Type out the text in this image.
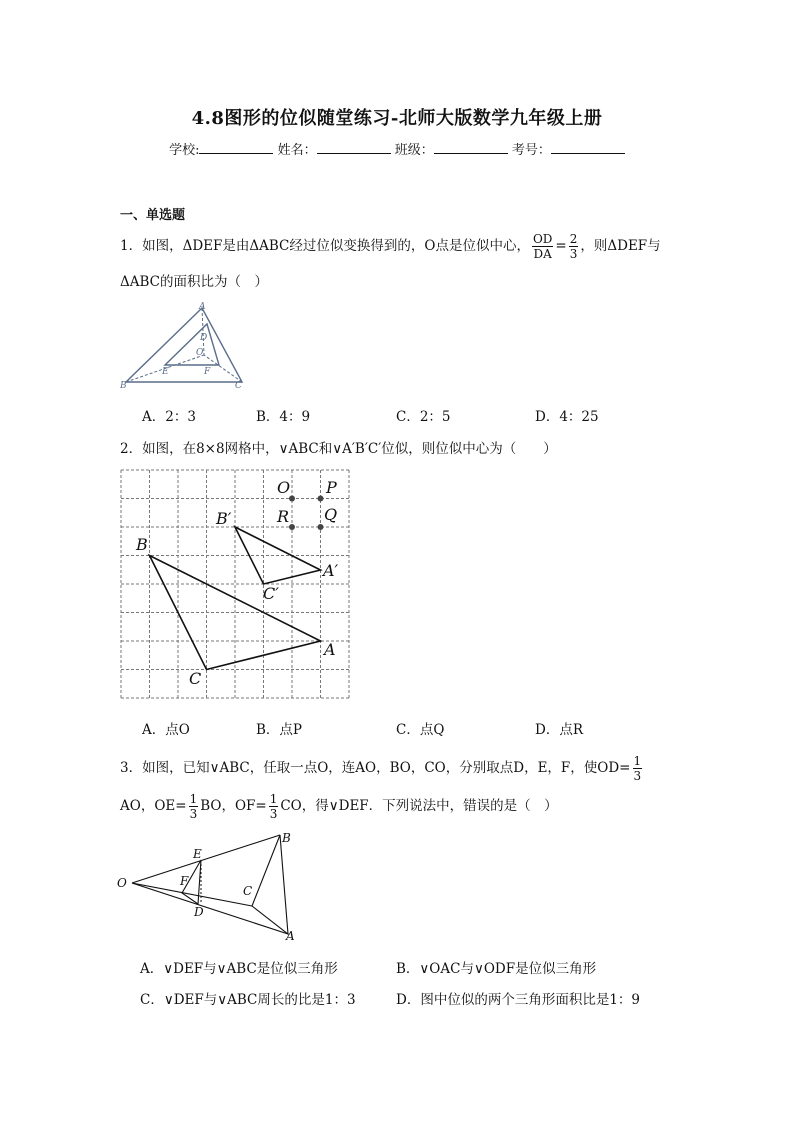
4.8图形的位似随堂练习-北师大版数学九年级上册
学校:	姓名：	班级：	考号：
一、单选题
1．如图，ΔDEF是由ΔABC经过位似变换得到的，O点是位似中心， $\frac{OD}{DA} = \frac{2}{3}$ ，则ΔDEF与
ΔABC的面积比为（　）
A
B	C
D
E	F
O
A．2：3	B．4：9	C．2：5	D．4：25
2．如图，在8×8网格中，∨ABC和∨A′B′C′位似，则位似中心为（　　）
O P
R Q
B′
B
A′
C′
A
C
A．点O	B．点P	C．点Q	D．点R
3．如图，已知∨ABC，任取一点O，连AO，BO，CO，分别取点D，E，F，使$OD= \frac{1}{3}$
AO，$OE= \frac{1}{3}$ BO，$OF= \frac{1}{3}$ CO，得∨DEF．下列说法中，错误的是（　）
O
E
B
F
C
D
A
A．∨DEF与∨ABC是位似三角形	B．∨OAC与∨ODF是位似三角形
C．∨DEF与∨ABC周长的比是1：3	D．图中位似的两个三角形面积比是1：9
